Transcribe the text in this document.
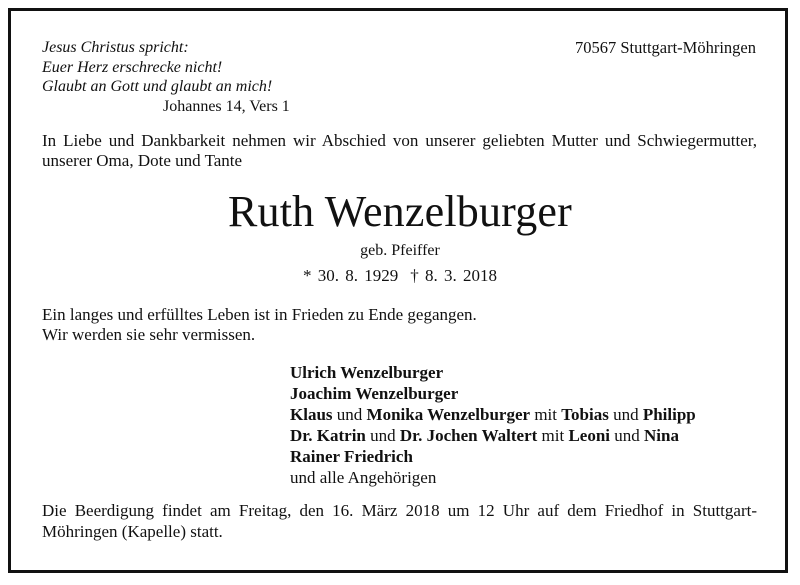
Jesus Christus spricht:
Euer Herz erschrecke nicht!
Glaubt an Gott und glaubt an mich!
Johannes 14, Vers 1
70567 Stuttgart-Möhringen

In Liebe und Dankbarkeit nehmen wir Abschied von unserer geliebten Mutter und Schwiegermutter, unserer Oma, Dote und Tante

Ruth Wenzelburger
geb. Pfeiffer
* 30. 8. 1929 † 8. 3. 2018
Ein langes und erfülltes Leben ist in Frieden zu Ende gegangen.
Wir werden sie sehr vermissen.
Ulrich Wenzelburger
Joachim Wenzelburger
Klaus und Monika Wenzelburger mit Tobias und Philipp
Dr. Katrin und Dr. Jochen Waltert mit Leoni und Nina
Rainer Friedrich
und alle Angehörigen

Die Beerdigung findet am Freitag, den 16. März 2018 um 12 Uhr auf dem Friedhof in Stuttgart-Möhringen (Kapelle) statt.
